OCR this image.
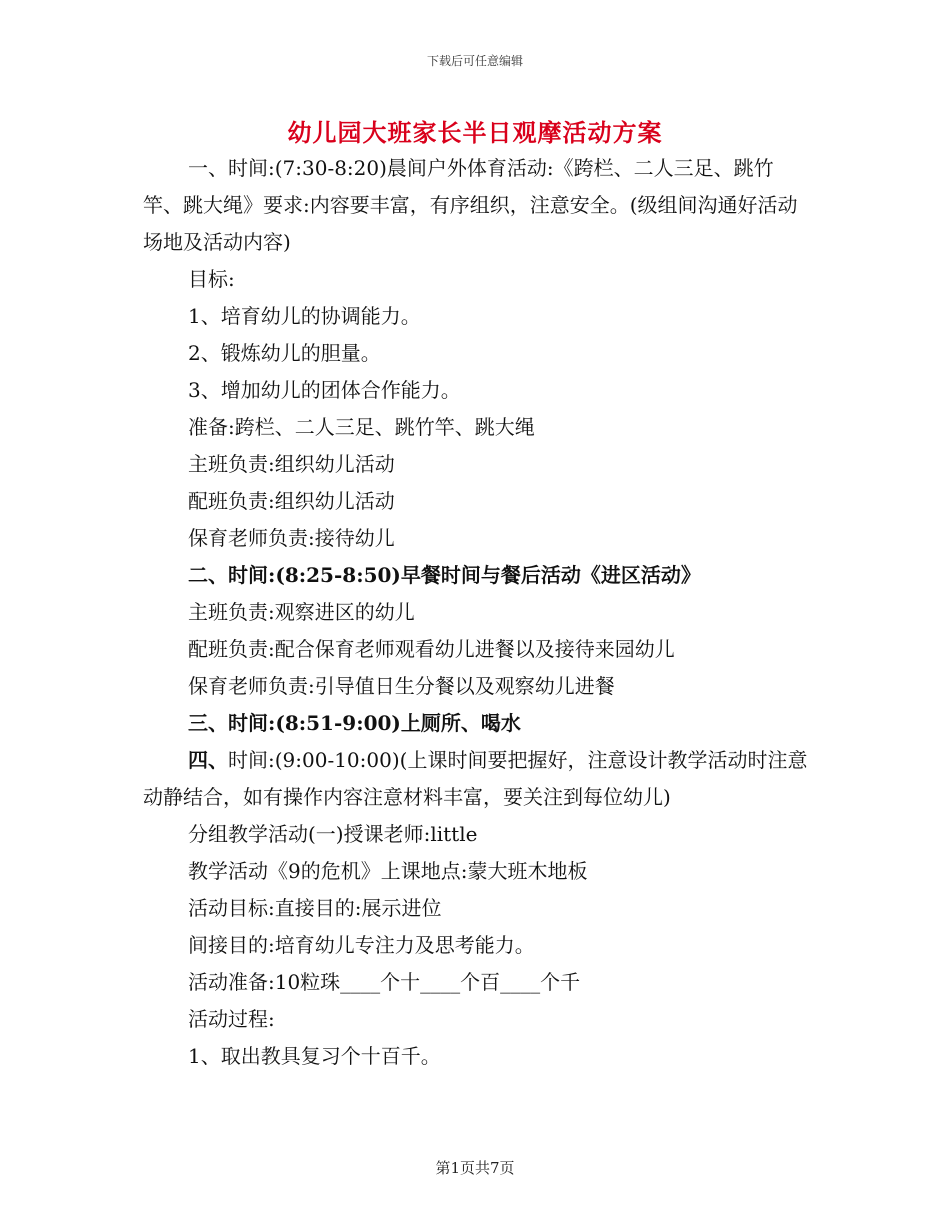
下载后可任意编辑
幼儿园大班家长半日观摩活动方案

一、时间:(7:30-8:20)晨间户外体育活动:《跨栏、二人三足、跳竹竿、跳大绳》要求:内容要丰富，有序组织，注意安全。(级组间沟通好活动场地及活动内容)

目标:

1、培育幼儿的协调能力。

2、锻炼幼儿的胆量。

3、增加幼儿的团体合作能力。

准备:跨栏、二人三足、跳竹竿、跳大绳

主班负责:组织幼儿活动

配班负责:组织幼儿活动

保育老师负责:接待幼儿

二、时间:(8:25-8:50)早餐时间与餐后活动《进区活动》

主班负责:观察进区的幼儿

配班负责:配合保育老师观看幼儿进餐以及接待来园幼儿

保育老师负责:引导值日生分餐以及观察幼儿进餐

三、时间:(8:51-9:00)上厕所、喝水

四、时间:(9:00-10:00)(上课时间要把握好，注意设计教学活动时注意动静结合，如有操作内容注意材料丰富，要关注到每位幼儿)

分组教学活动(一)授课老师:little

教学活动《9的危机》上课地点:蒙大班木地板

活动目标:直接目的:展示进位

间接目的:培育幼儿专注力及思考能力。

活动准备:10粒珠____个十____个百____个千

活动过程:

1、取出教具复习个十百千。

第1页共7页
